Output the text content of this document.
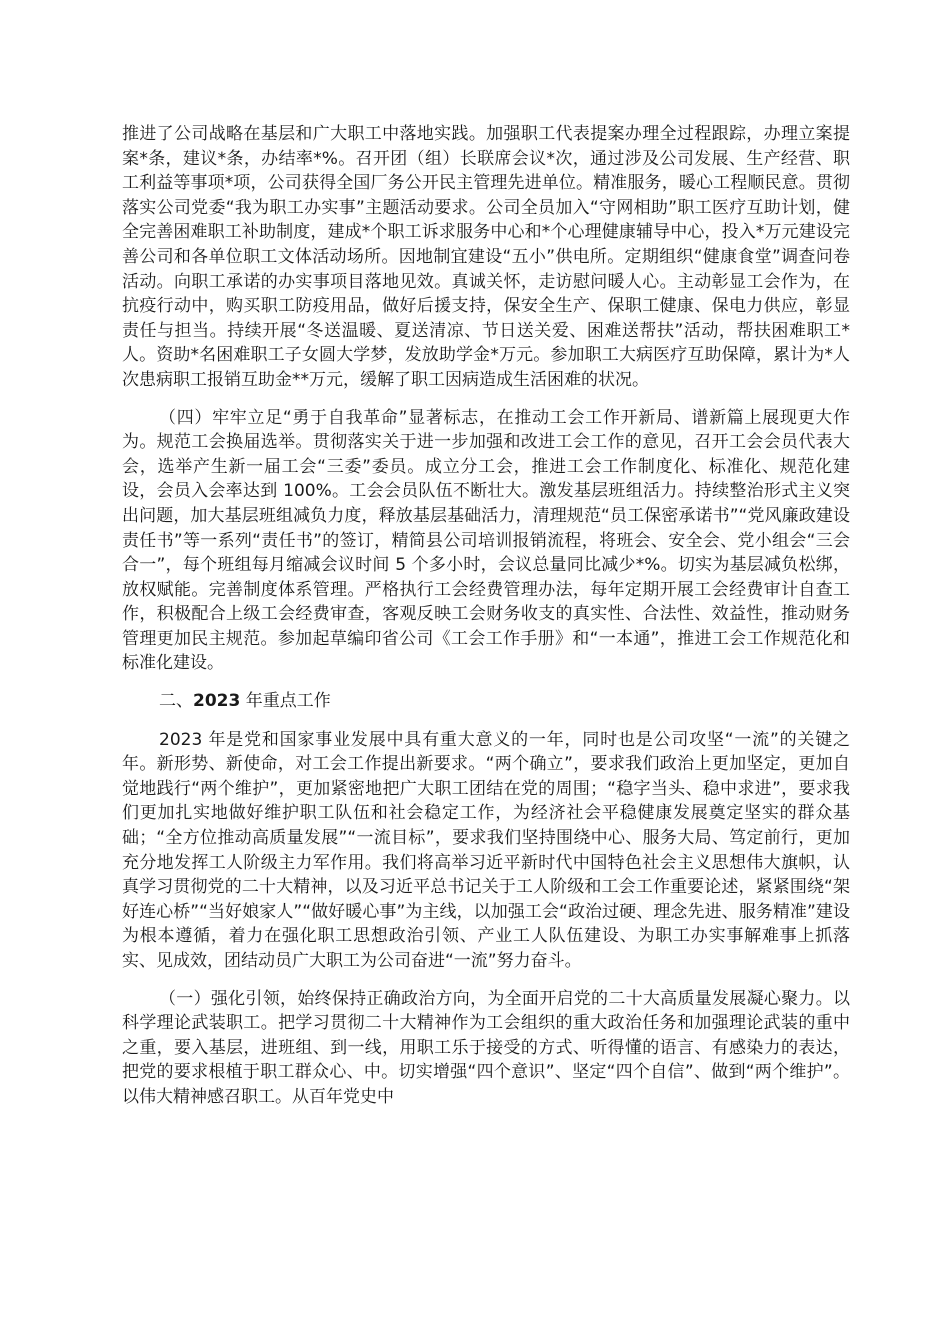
推进了公司战略在基层和广大职工中落地实践。加强职工代表提案办理全过程跟踪，办理立案提案*条，建议*条，办结率*%。召开团（组）长联席会议*次，通过涉及公司发展、生产经营、职工利益等事项*项，公司获得全国厂务公开民主管理先进单位。精准服务，暖心工程顺民意。贯彻落实公司党委“我为职工办实事”主题活动要求。公司全员加入“守网相助”职工医疗互助计划，健全完善困难职工补助制度，建成*个职工诉求服务中心和*个心理健康辅导中心，投入*万元建设完善公司和各单位职工文体活动场所。因地制宜建设“五小”供电所。定期组织“健康食堂”调查问卷活动。向职工承诺的办实事项目落地见效。真诚关怀，走访慰问暖人心。主动彰显工会作为，在抗疫行动中，购买职工防疫用品，做好后援支持，保安全生产、保职工健康、保电力供应，彰显责任与担当。持续开展“冬送温暖、夏送清凉、节日送关爱、困难送帮扶”活动，帮扶困难职工*人。资助*名困难职工子女圆大学梦，发放助学金*万元。参加职工大病医疗互助保障，累计为*人次患病职工报销互助金**万元，缓解了职工因病造成生活困难的状况。

（四）牢牢立足“勇于自我革命”显著标志，在推动工会工作开新局、谱新篇上展现更大作为。规范工会换届选举。贯彻落实关于进一步加强和改进工会工作的意见，召开工会会员代表大会，选举产生新一届工会“三委”委员。成立分工会，推进工会工作制度化、标准化、规范化建设，会员入会率达到 100%。工会会员队伍不断壮大。激发基层班组活力。持续整治形式主义突出问题，加大基层班组减负力度，释放基层基础活力，清理规范“员工保密承诺书”“党风廉政建设责任书”等一系列“责任书”的签订，精简县公司培训报销流程，将班会、安全会、党小组会“三会合一”，每个班组每月缩减会议时间 5 个多小时，会议总量同比减少*%。切实为基层减负松绑，放权赋能。完善制度体系管理。严格执行工会经费管理办法，每年定期开展工会经费审计自查工作，积极配合上级工会经费审查，客观反映工会财务收支的真实性、合法性、效益性，推动财务管理更加民主规范。参加起草编印省公司《工会工作手册》和“一本通”，推进工会工作规范化和标准化建设。

二、2023 年重点工作

2023 年是党和国家事业发展中具有重大意义的一年，同时也是公司攻坚“一流”的关键之年。新形势、新使命，对工会工作提出新要求。“两个确立”，要求我们政治上更加坚定，更加自觉地践行“两个维护”，更加紧密地把广大职工团结在党的周围；“稳字当头、稳中求进”，要求我们更加扎实地做好维护职工队伍和社会稳定工作，为经济社会平稳健康发展奠定坚实的群众基础；“全方位推动高质量发展”“一流目标”，要求我们坚持围绕中心、服务大局、笃定前行，更加充分地发挥工人阶级主力军作用。我们将高举习近平新时代中国特色社会主义思想伟大旗帜，认真学习贯彻党的二十大精神，以及习近平总书记关于工人阶级和工会工作重要论述，紧紧围绕“架好连心桥”“当好娘家人”“做好暖心事”为主线，以加强工会“政治过硬、理念先进、服务精准”建设为根本遵循，着力在强化职工思想政治引领、产业工人队伍建设、为职工办实事解难事上抓落实、见成效，团结动员广大职工为公司奋进“一流”努力奋斗。

（一）强化引领，始终保持正确政治方向，为全面开启党的二十大高质量发展凝心聚力。以科学理论武装职工。把学习贯彻二十大精神作为工会组织的重大政治任务和加强理论武装的重中之重，要入基层，进班组、到一线，用职工乐于接受的方式、听得懂的语言、有感染力的表达，把党的要求根植于职工群众心、中。切实增强“四个意识”、坚定“四个自信”、做到“两个维护”。以伟大精神感召职工。从百年党史中
